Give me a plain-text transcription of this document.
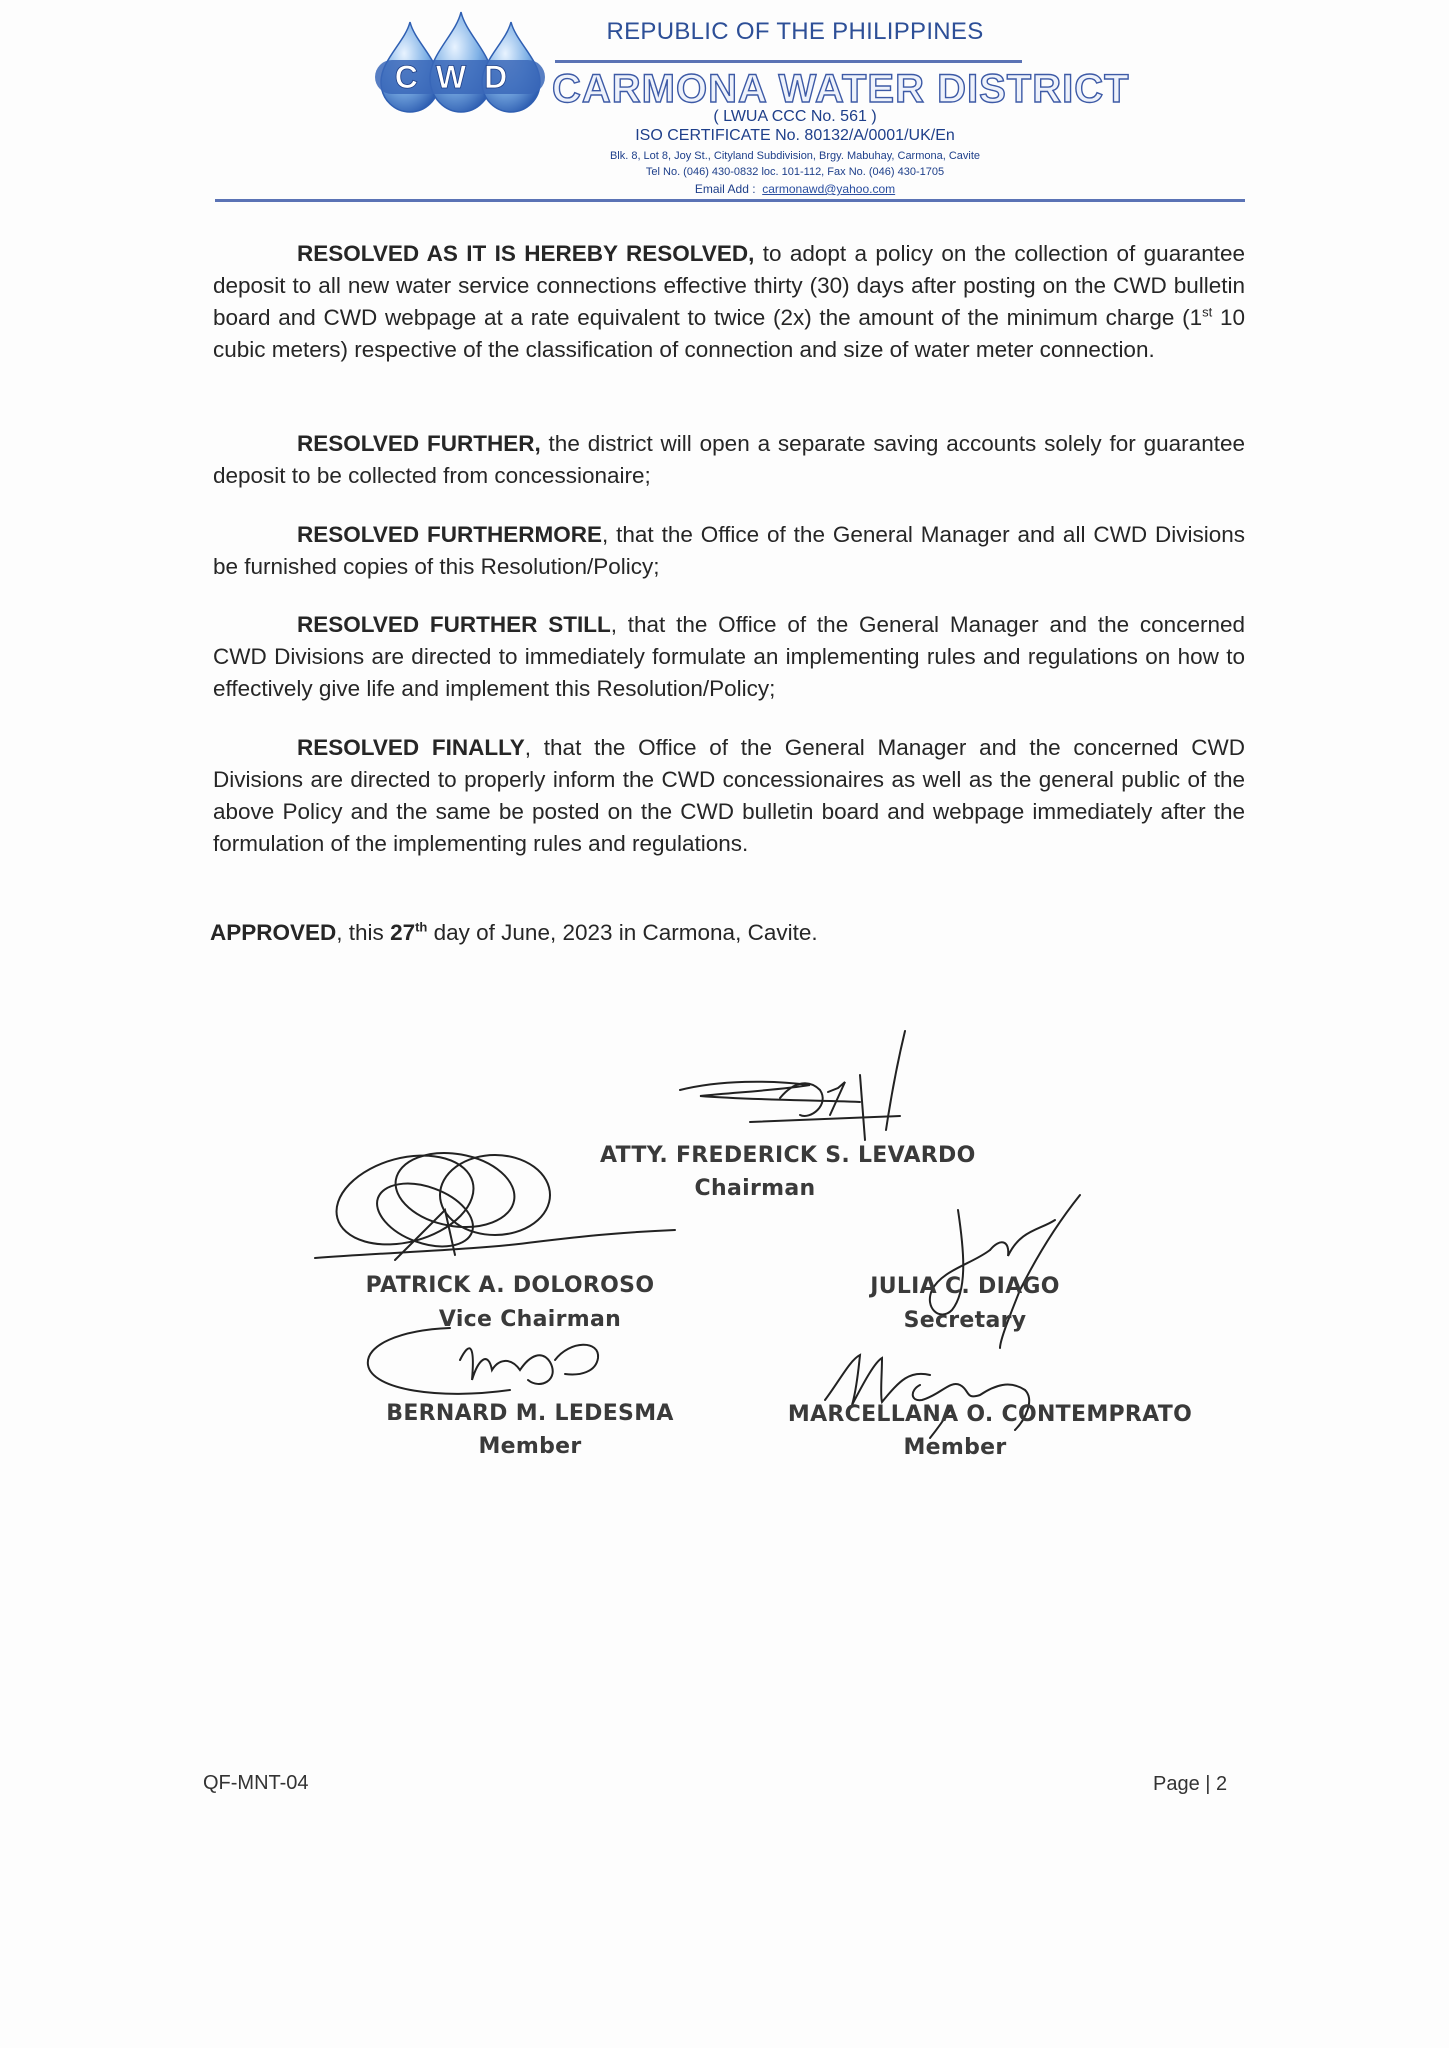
CWD
REPUBLIC OF THE PHILIPPINES
CARMONA WATER DISTRICT
( LWUA CCC No. 561 )
ISO CERTIFICATE No. 80132/A/0001/UK/En
Blk. 8, Lot 8, Joy St., Cityland Subdivision, Brgy. Mabuhay, Carmona, Cavite
Tel No. (046) 430-0832 loc. 101-112, Fax No. (046) 430-1705
Email Add : carmonawd@yahoo.com
RESOLVED AS IT IS HEREBY RESOLVED, to adopt a policy on the collection of guarantee deposit to all new water service connections effective thirty (30) days after posting on the CWD bulletin board and CWD webpage at a rate equivalent to twice (2x) the amount of the minimum charge (1st 10 cubic meters) respective of the classification of connection and size of water meter connection.
RESOLVED FURTHER, the district will open a separate saving accounts solely for guarantee deposit to be collected from concessionaire;
RESOLVED FURTHERMORE, that the Office of the General Manager and all CWD Divisions be furnished copies of this Resolution/Policy;
RESOLVED FURTHER STILL, that the Office of the General Manager and the concerned CWD Divisions are directed to immediately formulate an implementing rules and regulations on how to effectively give life and implement this Resolution/Policy;
RESOLVED FINALLY, that the Office of the General Manager and the concerned CWD Divisions are directed to properly inform the CWD concessionaires as well as the general public of the above Policy and the same be posted on the CWD bulletin board and webpage immediately after the formulation of the implementing rules and regulations.
APPROVED, this 27th day of June, 2023 in Carmona, Cavite.
ATTY. FREDERICK S. LEVARDO
Chairman
PATRICK A. DOLOROSO
Vice Chairman
JULIA C. DIAGO
Secretary
BERNARD M. LEDESMA
Member
MARCELLANA O. CONTEMPRATO
Member
QF-MNT-04	Page | 2
